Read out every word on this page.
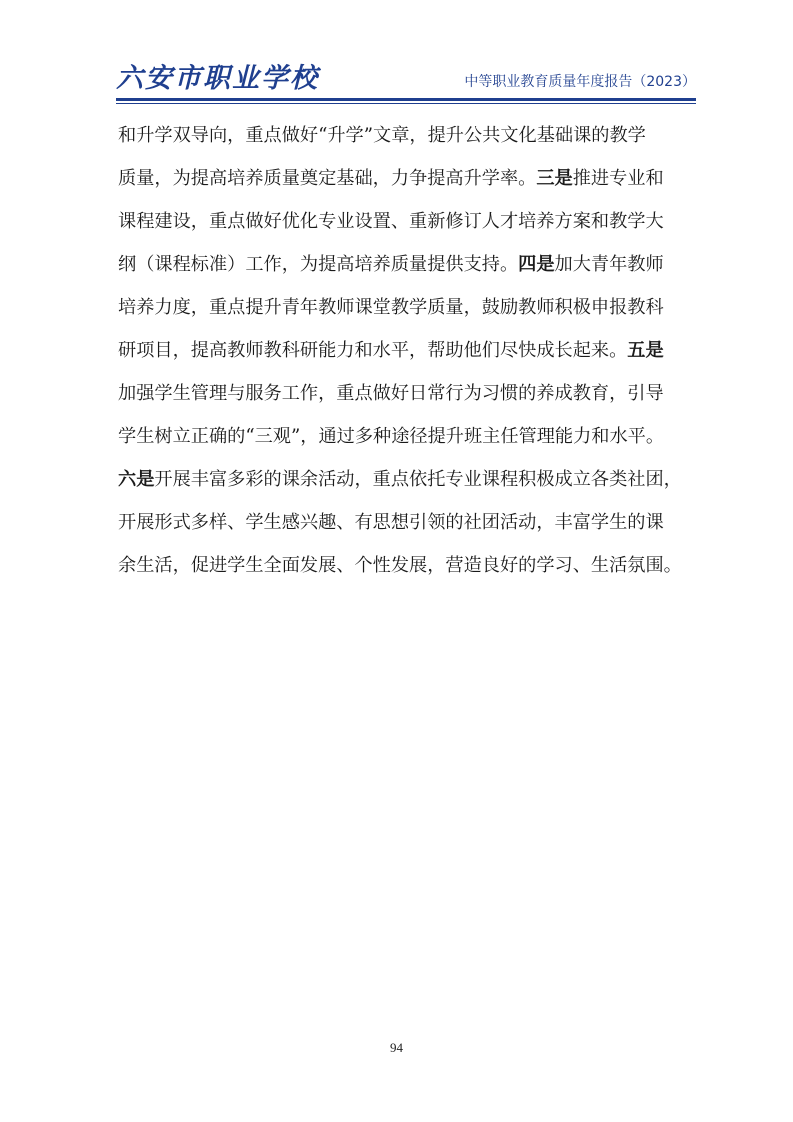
六安市职业学校	中等职业教育质量年度报告（2023）
和升学双导向，重点做好“升学”文章，提升公共文化基础课的教学
质量，为提高培养质量奠定基础，力争提高升学率。三是推进专业和
课程建设，重点做好优化专业设置、重新修订人才培养方案和教学大
纲（课程标准）工作，为提高培养质量提供支持。四是加大青年教师
培养力度，重点提升青年教师课堂教学质量，鼓励教师积极申报教科
研项目，提高教师教科研能力和水平，帮助他们尽快成长起来。五是
加强学生管理与服务工作，重点做好日常行为习惯的养成教育，引导
学生树立正确的“三观”，通过多种途径提升班主任管理能力和水平。
六是开展丰富多彩的课余活动，重点依托专业课程积极成立各类社团，
开展形式多样、学生感兴趣、有思想引领的社团活动，丰富学生的课
余生活，促进学生全面发展、个性发展，营造良好的学习、生活氛围。
94
